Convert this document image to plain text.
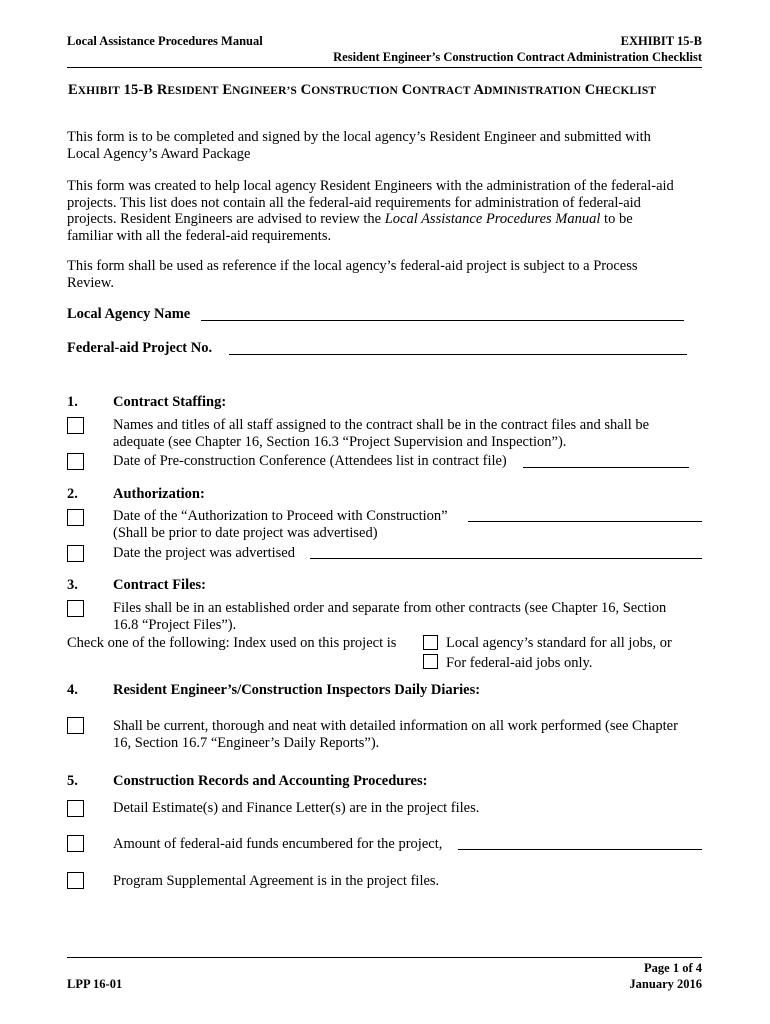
Local Assistance Procedures Manual	EXHIBIT 15-B
Resident Engineer’s Construction Contract Administration Checklist
EXHIBIT 15-B RESIDENT ENGINEER’S CONSTRUCTION CONTRACT ADMINISTRATION CHECKLIST
This form is to be completed and signed by the local agency’s Resident Engineer and submitted with
Local Agency’s Award Package
This form was created to help local agency Resident Engineers with the administration of the federal-aid
projects. This list does not contain all the federal-aid requirements for administration of federal-aid
projects. Resident Engineers are advised to review the Local Assistance Procedures Manual to be
familiar with all the federal-aid requirements.
This form shall be used as reference if the local agency’s federal-aid project is subject to a Process
Review.
Local Agency Name
Federal-aid Project No.
1. Contract Staffing:
Names and titles of all staff assigned to the contract shall be in the contract files and shall be
adequate (see Chapter 16, Section 16.3 “Project Supervision and Inspection”).
Date of Pre-construction Conference (Attendees list in contract file)
2. Authorization:
Date of the “Authorization to Proceed with Construction”
(Shall be prior to date project was advertised)
Date the project was advertised
3. Contract Files:
Files shall be in an established order and separate from other contracts (see Chapter 16, Section
16.8 “Project Files”).
Check one of the following: Index used on this project is	Local agency’s standard for all jobs, or
For federal-aid jobs only.
4. Resident Engineer’s/Construction Inspectors Daily Diaries:
Shall be current, thorough and neat with detailed information on all work performed (see Chapter
16, Section 16.7 “Engineer’s Daily Reports”).
5. Construction Records and Accounting Procedures:
Detail Estimate(s) and Finance Letter(s) are in the project files.
Amount of federal-aid funds encumbered for the project,
Program Supplemental Agreement is in the project files.
LPP 16-01
Page 1 of 4
January 2016
